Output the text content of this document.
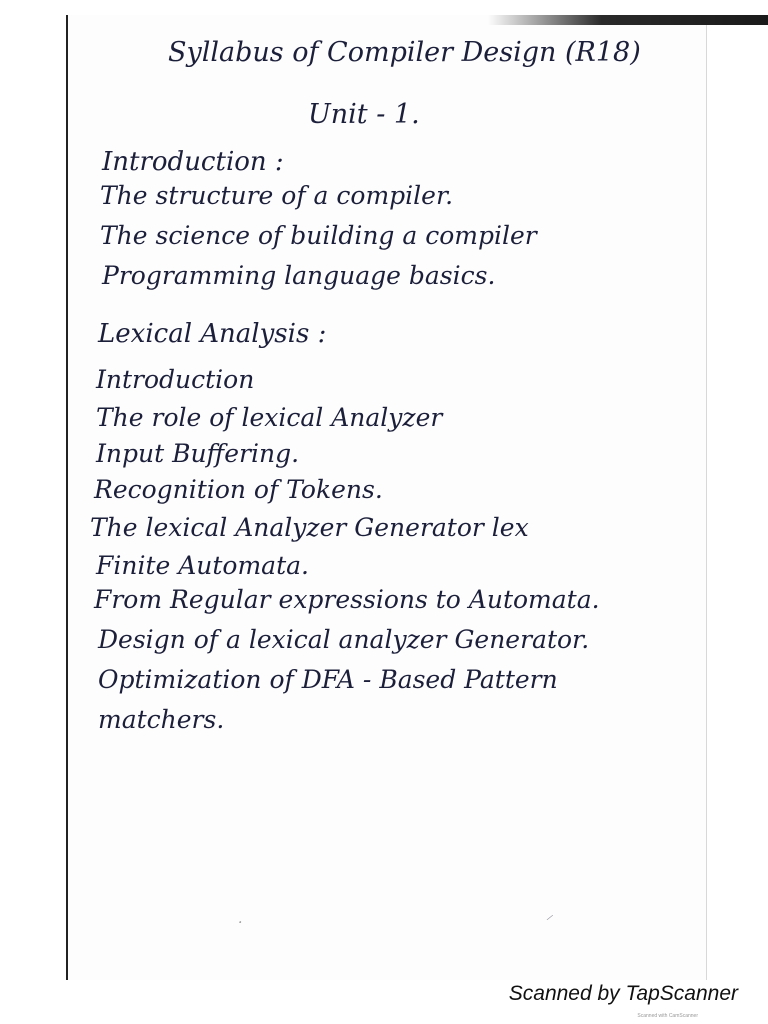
Syllabus of Compiler Design (R18)

Unit - 1.

Introduction :

The structure of a compiler.

The science of building a compiler

Programming language basics.

Lexical Analysis :

Introduction

The role of lexical Analyzer

Input Buffering.

Recognition of Tokens.

The lexical Analyzer Generator lex

Finite Automata.

From Regular expressions to Automata.

Design of a lexical analyzer Generator.

Optimization of DFA - Based Pattern

matchers.

·	⸝
Scanned by TapScanner
Scanned with CamScanner
